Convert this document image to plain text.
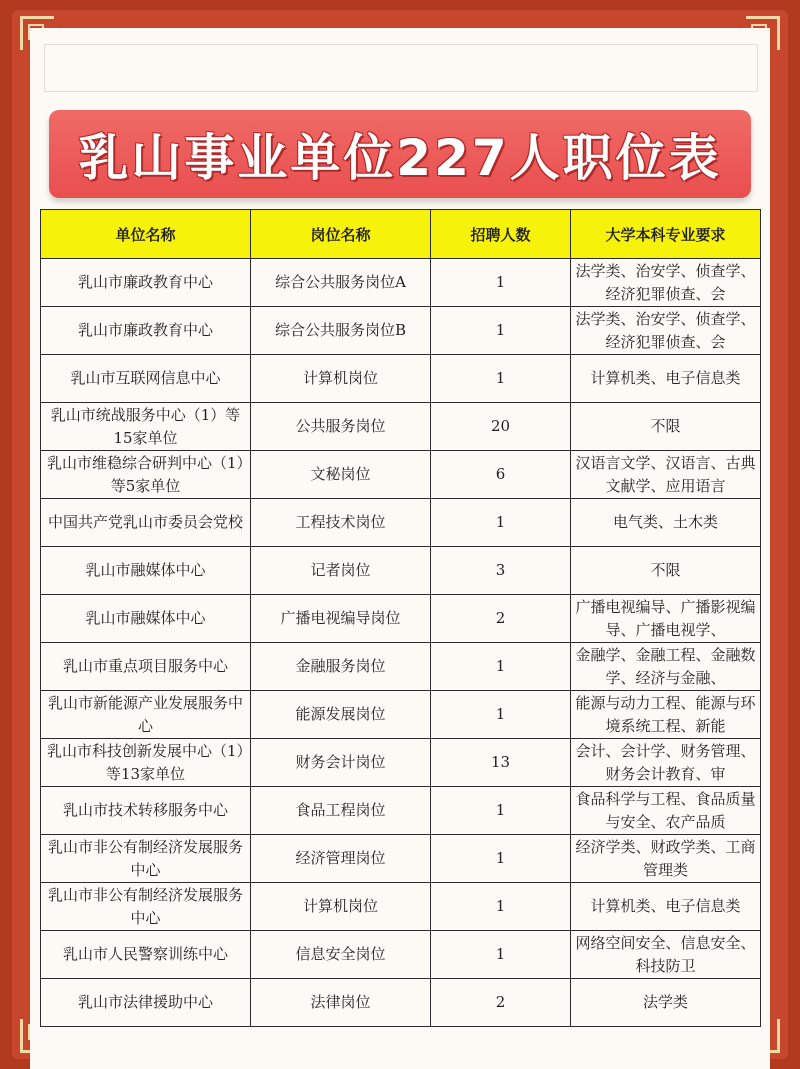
乳山事业单位227人职位表
单位名称	岗位名称	招聘人数	大学本科专业要求
乳山市廉政教育中心	综合公共服务岗位A	1	法学类、治安学、侦查学、经济犯罪侦查、会
乳山市廉政教育中心	综合公共服务岗位B	1	法学类、治安学、侦查学、经济犯罪侦查、会
乳山市互联网信息中心	计算机岗位	1	计算机类、电子信息类
乳山市统战服务中心（1）等15家单位	公共服务岗位	20	不限
乳山市维稳综合研判中心（1）等5家单位	文秘岗位	6	汉语言文学、汉语言、古典文献学、应用语言
中国共产党乳山市委员会党校	工程技术岗位	1	电气类、土木类
乳山市融媒体中心	记者岗位	3	不限
乳山市融媒体中心	广播电视编导岗位	2	广播电视编导、广播影视编导、广播电视学、
乳山市重点项目服务中心	金融服务岗位	1	金融学、金融工程、金融数学、经济与金融、
乳山市新能源产业发展服务中心	能源发展岗位	1	能源与动力工程、能源与环境系统工程、新能
乳山市科技创新发展中心（1）等13家单位	财务会计岗位	13	会计、会计学、财务管理、财务会计教育、审
乳山市技术转移服务中心	食品工程岗位	1	食品科学与工程、食品质量与安全、农产品质
乳山市非公有制经济发展服务中心	经济管理岗位	1	经济学类、财政学类、工商管理类
乳山市非公有制经济发展服务中心	计算机岗位	1	计算机类、电子信息类
乳山市人民警察训练中心	信息安全岗位	1	网络空间安全、信息安全、科技防卫
乳山市法律援助中心	法律岗位	2	法学类
